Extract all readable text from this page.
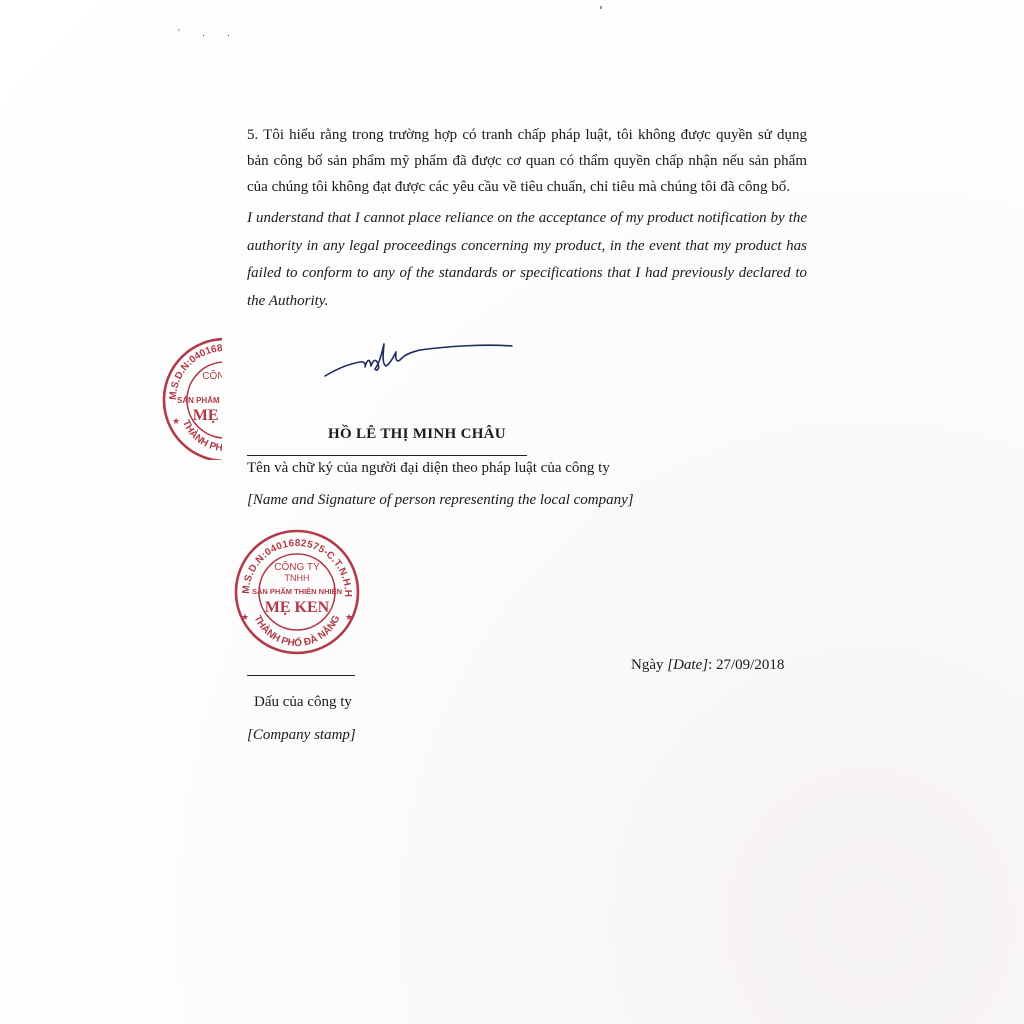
' . .

5. Tôi hiểu rằng trong trường hợp có tranh chấp pháp luật, tôi không được quyền sử dụng bản công bố sản phẩm mỹ phẩm đã được cơ quan có thẩm quyền chấp nhận nếu sản phẩm của chúng tôi không đạt được các yêu cầu về tiêu chuẩn, chỉ tiêu mà chúng tôi đã công bố.

I understand that I cannot place reliance on the acceptance of my product notification by the authority in any legal proceedings concerning my product, in the event that my product has failed to conform to any of the standards or specifications that I had previously declared to the Authority.

M.S.D.N:0401682575-C.T.N.H.H
THÀNH PHỐ ĐÀ NẴNG
CÔNG TY
SẢN PHẨM THIÊN NHIÊN
MẸ KEN
★
HỒ LÊ THỊ MINH CHÂU
Tên và chữ ký của người đại diện theo pháp luật của công ty
[Name and Signature of person representing the local company]
M.S.D.N:0401682575-C.T.N.H.H
THÀNH PHỐ ĐÀ NẴNG
CÔNG TY
TNHH
SẢN PHẨM THIÊN NHIÊN
MẸ KEN
★	★
Dấu của công ty
[Company stamp]
Ngày [Date]: 27/09/2018
